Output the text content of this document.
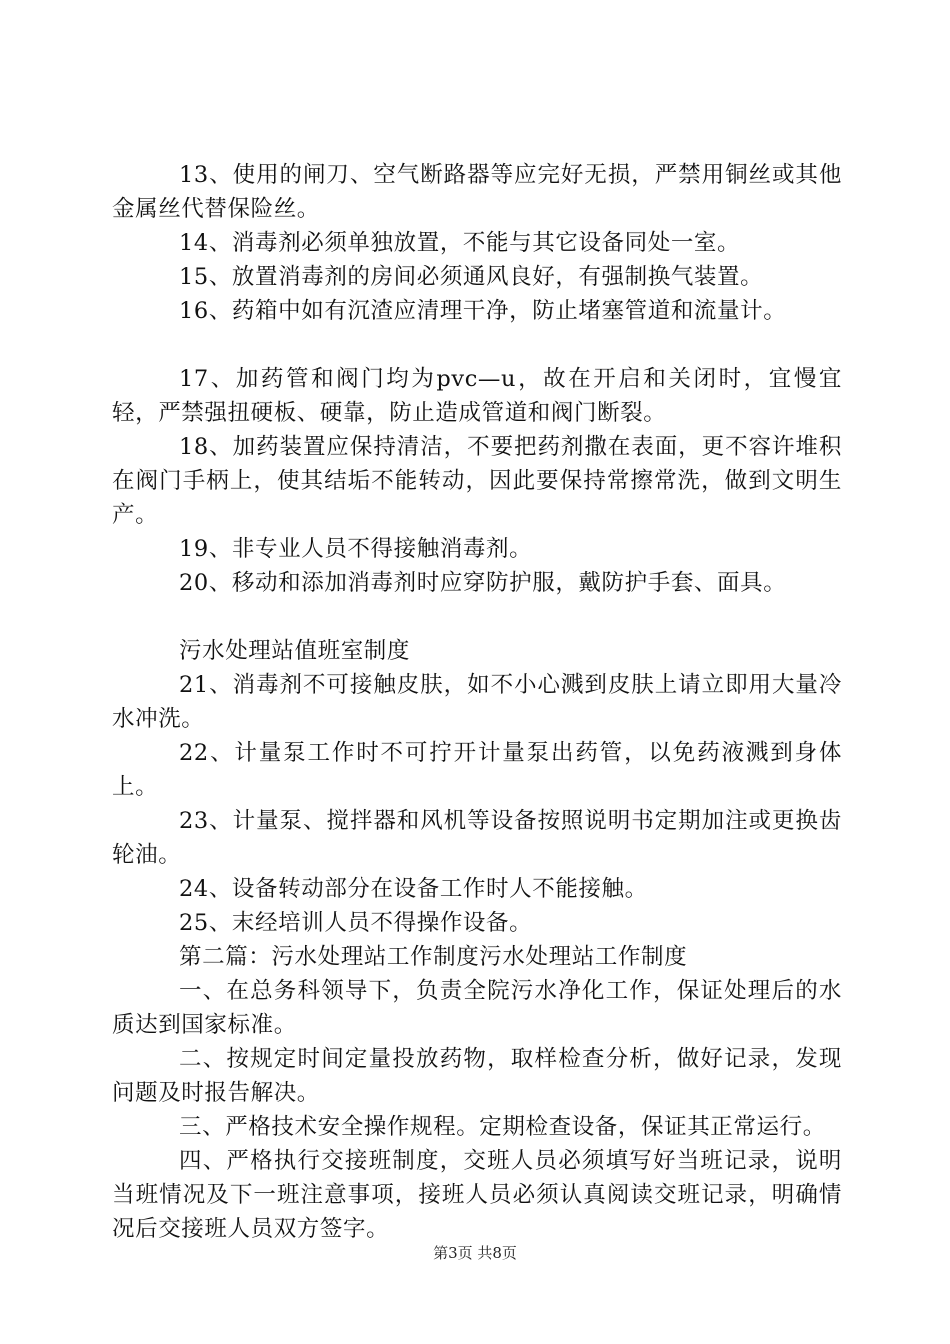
13、使用的闸刀、空气断路器等应完好无损，严禁用铜丝或其他金属丝代替保险丝。

14、消毒剂必须单独放置，不能与其它设备同处一室。

15、放置消毒剂的房间必须通风良好，有强制换气装置。

16、药箱中如有沉渣应清理干净，防止堵塞管道和流量计。

17、加药管和阀门均为pvc—u，故在开启和关闭时，宜慢宜轻，严禁强扭硬板、硬靠，防止造成管道和阀门断裂。

18、加药装置应保持清洁，不要把药剂撒在表面，更不容许堆积在阀门手柄上，使其结垢不能转动，因此要保持常擦常洗，做到文明生产。

19、非专业人员不得接触消毒剂。

20、移动和添加消毒剂时应穿防护服，戴防护手套、面具。

污水处理站值班室制度

21、消毒剂不可接触皮肤，如不小心溅到皮肤上请立即用大量冷水冲洗。

22、计量泵工作时不可拧开计量泵出药管，以免药液溅到身体上。

23、计量泵、搅拌器和风机等设备按照说明书定期加注或更换齿轮油。

24、设备转动部分在设备工作时人不能接触。

25、末经培训人员不得操作设备。

第二篇：污水处理站工作制度污水处理站工作制度

一、在总务科领导下，负责全院污水净化工作，保证处理后的水质达到国家标准。

二、按规定时间定量投放药物，取样检查分析，做好记录，发现问题及时报告解决。

三、严格技术安全操作规程。定期检查设备，保证其正常运行。

四、严格执行交接班制度，交班人员必须填写好当班记录，说明当班情况及下一班注意事项，接班人员必须认真阅读交班记录，明确情况后交接班人员双方签字。

第3页 共8页
